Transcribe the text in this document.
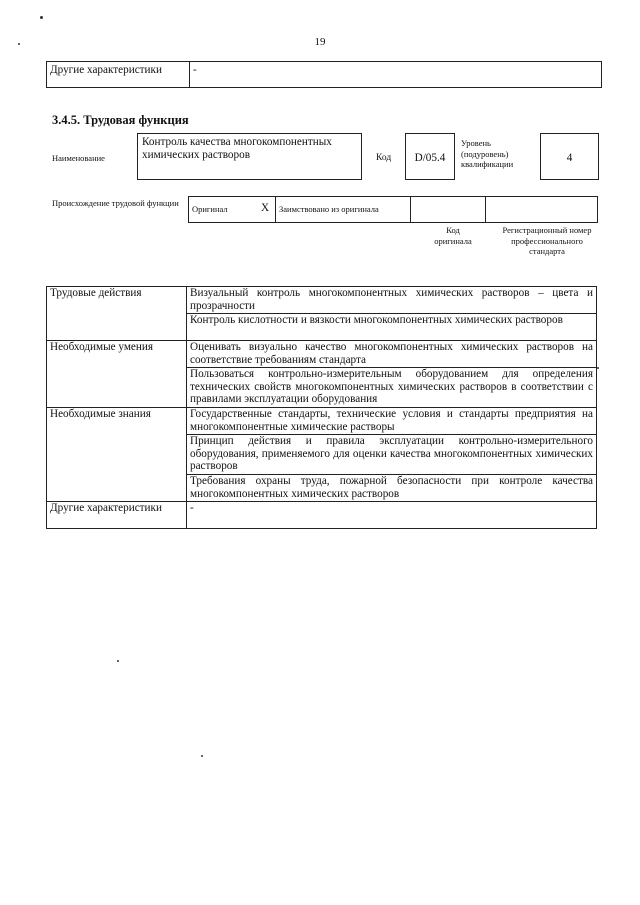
19
Другие характеристики	-
3.4.5. Трудовая функция
Наименование
Контроль качества многокомпонентных химических растворов	Код	D/05.4
Уровень (подуровень) квалификации	4
Происхождение трудовой функции
Оригинал	X	Заимствовано из оригинала		
Код оригинала
Регистрационный номер профессионального стандарта
Трудовые действия	Визуальный контроль многокомпонентных химических растворов – цвета и прозрачности
	Контроль кислотности и вязкости многокомпонентных химических растворов
Необходимые умения	Оценивать визуально качество многокомпонентных химических растворов на соответствие требованиям стандарта
	Пользоваться контрольно-измерительным оборудованием для определения технических свойств многокомпонентных химических растворов в соответствии с правилами эксплуатации оборудования
Необходимые знания	Государственные стандарты, технические условия и стандарты предприятия на многокомпонентные химические растворы
	Принцип действия и правила эксплуатации контрольно-измерительного оборудования, применяемого для оценки качества многокомпонентных химических растворов
	Требования охраны труда, пожарной безопасности при контроле качества многокомпонентных химических растворов
Другие характеристики	-
